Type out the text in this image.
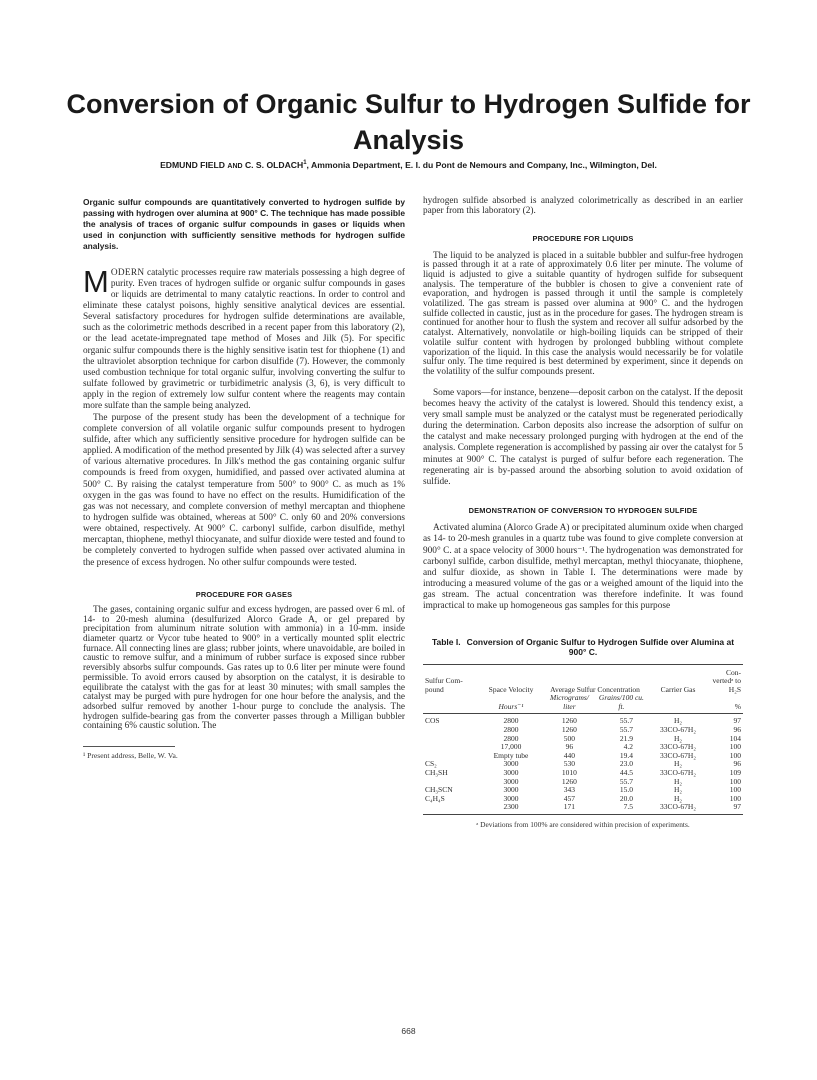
Conversion of Organic Sulfur to Hydrogen Sulfide for Analysis
EDMUND FIELD AND C. S. OLDACH$^1$, Ammonia Department, E. I. du Pont de Nemours and Company, Inc., Wilmington, Del.

Organic sulfur compounds are quantitatively converted to hydrogen sulfide by passing with hydrogen over alumina at 900° C. The technique has made possible the analysis of traces of organic sulfur compounds in gases or liquids when used in conjunction with sufficiently sensitive methods for hydrogen sulfide analysis.

MODERN catalytic processes require raw materials possessing a high degree of purity. Even traces of hydrogen sulfide or organic sulfur compounds in gases or liquids are detrimental to many catalytic reactions. In order to control and eliminate these catalyst poisons, highly sensitive analytical devices are essential. Several satisfactory procedures for hydrogen sulfide determinations are available, such as the colorimetric methods described in a recent paper from this laboratory (2), or the lead acetate-impregnated tape method of Moses and Jilk (5). For specific organic sulfur compounds there is the highly sensitive isatin test for thiophene (1) and the ultraviolet absorption technique for carbon disulfide (7). However, the commonly used combustion technique for total organic sulfur, involving converting the sulfur to sulfate followed by gravimetric or turbidimetric analysis (3, 6), is very difficult to apply in the region of extremely low sulfur content where the reagents may contain more sulfate than the sample being analyzed.

The purpose of the present study has been the development of a technique for complete conversion of all volatile organic sulfur compounds present to hydrogen sulfide, after which any sufficiently sensitive procedure for hydrogen sulfide can be applied. A modification of the method presented by Jilk (4) was selected after a survey of various alternative procedures. In Jilk's method the gas containing organic sulfur compounds is freed from oxygen, humidified, and passed over activated alumina at 500° C. By raising the catalyst temperature from 500° to 900° C. as much as 1% oxygen in the gas was found to have no effect on the results. Humidification of the gas was not necessary, and complete conversion of methyl mercaptan and thiophene to hydrogen sulfide was obtained, whereas at 500° C. only 60 and 20% conversions were obtained, respectively. At 900° C. carbonyl sulfide, carbon disulfide, methyl mercaptan, thiophene, methyl thiocyanate, and sulfur dioxide were tested and found to be completely converted to hydrogen sulfide when passed over activated alumina in the presence of excess hydrogen. No other sulfur compounds were tested.

PROCEDURE FOR GASES

The gases, containing organic sulfur and excess hydrogen, are passed over 6 ml. of 14- to 20-mesh alumina (desulfurized Alorco Grade A, or gel prepared by precipitation from aluminum nitrate solution with ammonia) in a 10-mm. inside diameter quartz or Vycor tube heated to 900° in a vertically mounted split electric furnace. All connecting lines are glass; rubber joints, where unavoidable, are boiled in caustic to remove sulfur, and a minimum of rubber surface is exposed since rubber reversibly absorbs sulfur compounds. Gas rates up to 0.6 liter per minute were found permissible. To avoid errors caused by absorption on the catalyst, it is desirable to equilibrate the catalyst with the gas for at least 30 minutes; with small samples the catalyst may be purged with pure hydrogen for one hour before the analysis, and the adsorbed sulfur removed by another 1-hour purge to conclude the analysis. The hydrogen sulfide-bearing gas from the converter passes through a Milligan bubbler containing 6% caustic solution. The

¹ Present address, Belle, W. Va.

hydrogen sulfide absorbed is analyzed colorimetrically as described in an earlier paper from this laboratory (2).

PROCEDURE FOR LIQUIDS

The liquid to be analyzed is placed in a suitable bubbler and sulfur-free hydrogen is passed through it at a rate of approximately 0.6 liter per minute. The volume of liquid is adjusted to give a suitable quantity of hydrogen sulfide for subsequent analysis. The temperature of the bubbler is chosen to give a convenient rate of evaporation, and hydrogen is passed through it until the sample is completely volatilized. The gas stream is passed over alumina at 900° C. and the hydrogen sulfide collected in caustic, just as in the procedure for gases. The hydrogen stream is continued for another hour to flush the system and recover all sulfur adsorbed by the catalyst. Alternatively, nonvolatile or high-boiling liquids can be stripped of their volatile sulfur content with hydrogen by prolonged bubbling without complete vaporization of the liquid. In this case the analysis would necessarily be for volatile sulfur only. The time required is best determined by experiment, since it depends on the volatility of the sulfur compounds present.

Some vapors—for instance, benzene—deposit carbon on the catalyst. If the deposit becomes heavy the activity of the catalyst is lowered. Should this tendency exist, a very small sample must be analyzed or the catalyst must be regenerated periodically during the determination. Carbon deposits also increase the adsorption of sulfur on the catalyst and make necessary prolonged purging with hydrogen at the end of the analysis. Complete regeneration is accomplished by passing air over the catalyst for 5 minutes at 900° C. The catalyst is purged of sulfur before each regeneration. The regenerating air is by-passed around the absorbing solution to avoid oxidation of sulfide.

DEMONSTRATION OF CONVERSION TO HYDROGEN SULFIDE

Activated alumina (Alorco Grade A) or precipitated aluminum oxide when charged as 14- to 20-mesh granules in a quartz tube was found to give complete conversion at 900° C. at a space velocity of 3000 hours⁻¹. The hydrogenation was demonstrated for carbonyl sulfide, carbon disulfide, methyl mercaptan, methyl thiocyanate, thiophene, and sulfur dioxide, as shown in Table I. The determinations were made by introducing a measured volume of the gas or a weighed amount of the liquid into the gas stream. The actual concentration was therefore indefinite. It was found impractical to make up homogeneous gas samples for this purpose

Table I. Conversion of Organic Sulfur to Hydrogen Sulfide over Alumina at 900° C.
Sulfur Com-pound	Space Velocity	Average Sulfur Concentration		Carrier Gas	Con-vertedᵃ to H₂S
	Hours⁻¹	Micrograms/ liter	Grains/100 cu. ft.		%
COS	2800	1260	55.7	H₂	97
	2800	1260	55.7	33CO-67H₂	96
	2800	500	21.9	H₂	104
	17,000	96	4.2	33CO-67H₂	100
	Empty tube	440	19.4	33CO-67H₂	100
CS₂	3000	530	23.0	H₂	96
CH₃SH	3000	1010	44.5	33CO-67H₂	109
	3000	1260	55.7	H₂	100
CH₃SCN	3000	343	15.0	H₂	100
C₄H₄S	3000	457	20.0	H₂	100
	2300	171	7.5	33CO-67H₂	97
ᵃ Deviations from 100% are considered within precision of experiments.
668
